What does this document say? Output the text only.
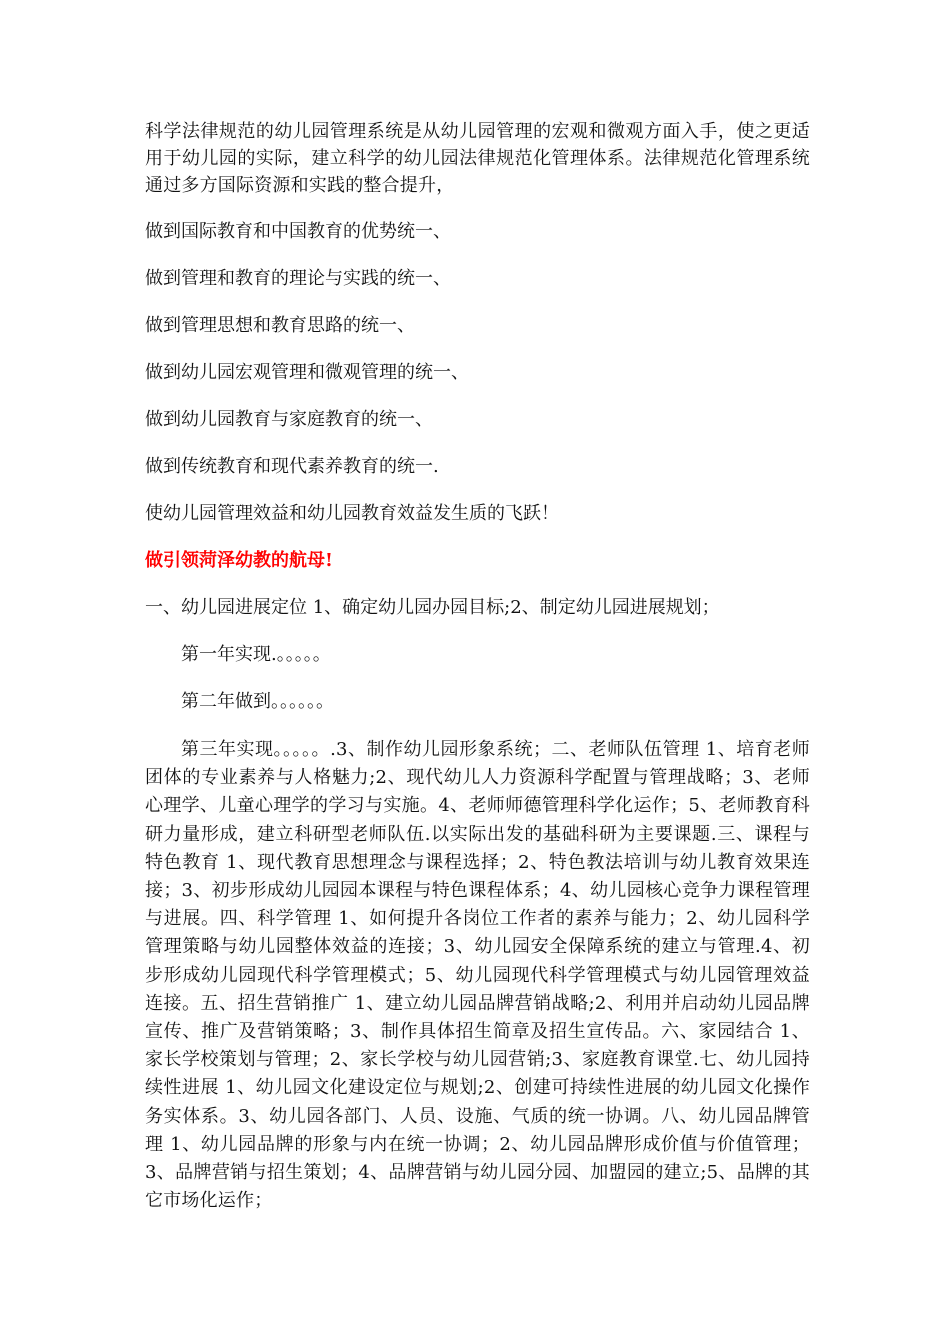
科学法律规范的幼儿园管理系统是从幼儿园管理的宏观和微观方面入手，使之更适用于幼儿园的实际，建立科学的幼儿园法律规范化管理体系。法律规范化管理系统通过多方国际资源和实践的整合提升，

做到国际教育和中国教育的优势统一、

做到管理和教育的理论与实践的统一、

做到管理思想和教育思路的统一、

做到幼儿园宏观管理和微观管理的统一、

做到幼儿园教育与家庭教育的统一、

做到传统教育和现代素养教育的统一.

使幼儿园管理效益和幼儿园教育效益发生质的飞跃！

做引领菏泽幼教的航母!

一、幼儿园进展定位 1、确定幼儿园办园目标;2、制定幼儿园进展规划；

第一年实现.。。。。。

第二年做到。。。。。。

第三年实现。。。。。.3、制作幼儿园形象系统；二、老师队伍管理 1、培育老师团体的专业素养与人格魅力;2、现代幼儿人力资源科学配置与管理战略；3、老师心理学、儿童心理学的学习与实施。4、老师师德管理科学化运作；5、老师教育科研力量形成，建立科研型老师队伍.以实际出发的基础科研为主要课题.三、课程与特色教育 1、现代教育思想理念与课程选择；2、特色教法培训与幼儿教育效果连接；3、初步形成幼儿园园本课程与特色课程体系；4、幼儿园核心竞争力课程管理与进展。四、科学管理 1、如何提升各岗位工作者的素养与能力；2、幼儿园科学管理策略与幼儿园整体效益的连接；3、幼儿园安全保障系统的建立与管理.4、初步形成幼儿园现代科学管理模式；5、幼儿园现代科学管理模式与幼儿园管理效益连接。五、招生营销推广 1、建立幼儿园品牌营销战略;2、利用并启动幼儿园品牌宣传、推广及营销策略；3、制作具体招生简章及招生宣传品。六、家园结合 1、家长学校策划与管理；2、家长学校与幼儿园营销;3、家庭教育课堂.七、幼儿园持续性进展 1、幼儿园文化建设定位与规划;2、创建可持续性进展的幼儿园文化操作务实体系。3、幼儿园各部门、人员、设施、气质的统一协调。八、幼儿园品牌管理 1、幼儿园品牌的形象与内在统一协调；2、幼儿园品牌形成价值与价值管理；3、品牌营销与招生策划；4、品牌营销与幼儿园分园、加盟园的建立;5、品牌的其它市场化运作；
